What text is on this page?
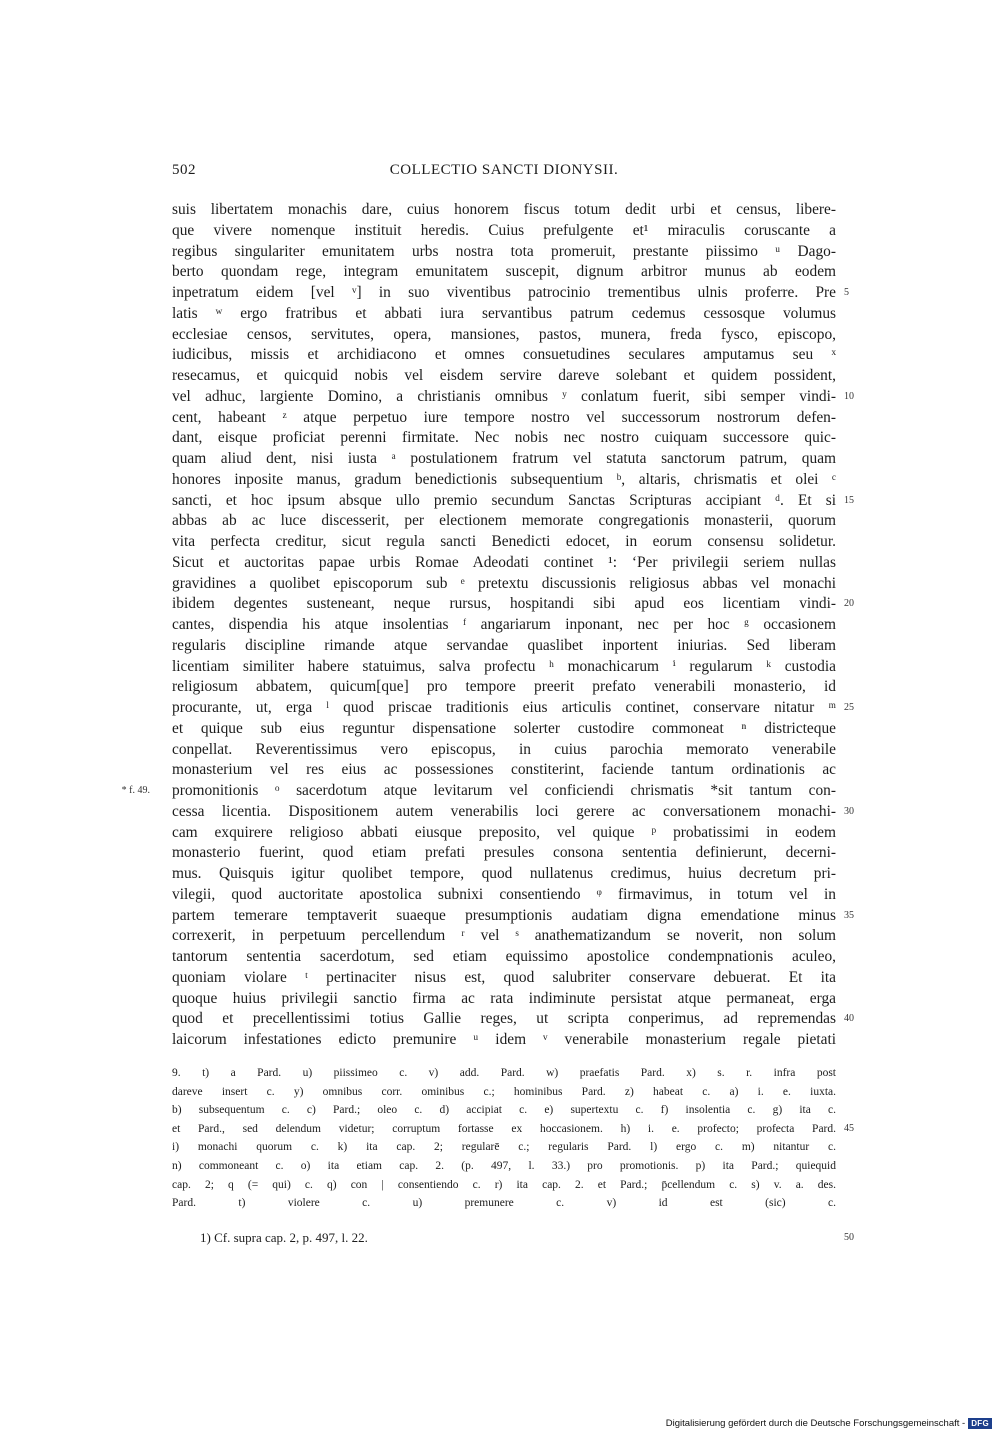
502	COLLECTIO SANCTI DIONYSII.
suis libertatem monachis dare, cuius honorem fiscus totum dedit urbi et census, libere-
que vivere nomenque instituit heredis. Cuius prefulgente et¹ miraculis coruscante a
regibus singulariter emunitatem urbs nostra tota promeruit, prestante piissimo ᵘ Dago-
berto quondam rege, integram emunitatem suscepit, dignum arbitror munus ab eodem
inpetratum eidem [vel ᵛ] in suo viventibus patrocinio trementibus ulnis proferre. Pre 5
latis ʷ ergo fratribus et abbati iura servantibus patrum cedemus cessosque volumus
ecclesiae censos, servitutes, opera, mansiones, pastos, munera, freda fysco, episcopo,
iudicibus, missis et archidiacono et omnes consuetudines seculares amputamus seu ˣ
resecamus, et quicquid nobis vel eisdem servire dareve solebant et quidem possident,
vel adhuc, largiente Domino, a christianis omnibus ʸ conlatum fuerit, sibi semper vindi- 10
cent, habeant ᶻ atque perpetuo iure tempore nostro vel successorum nostrorum defen-
dant, eisque proficiat perenni firmitate. Nec nobis nec nostro cuiquam successore quic-
quam aliud dent, nisi iusta ᵃ postulationem fratrum vel statuta sanctorum patrum, quam
honores inposite manus, gradum benedictionis subsequentium ᵇ, altaris, chrismatis et olei ᶜ
sancti, et hoc ipsum absque ullo premio secundum Sanctas Scripturas accipiant ᵈ. Et si 15
abbas ab ac luce discesserit, per electionem memorate congregationis monasterii, quorum
vita perfecta creditur, sicut regula sancti Benedicti edocet, in eorum consensu solidetur.
Sicut et auctoritas papae urbis Romae Adeodati continet ¹: ‘Per privilegii seriem nullas
gravidines a quolibet episcoporum sub ᵉ pretextu discussionis religiosus abbas vel monachi
ibidem degentes susteneant, neque rursus, hospitandi sibi apud eos licentiam vindi- 20
cantes, dispendia his atque insolentias ᶠ angariarum inponant, nec per hoc ᵍ occasionem
regularis discipline rimande atque servandae quaslibet inportent iniurias. Sed liberam
licentiam similiter habere statuimus, salva profectu ʰ monachicarum ⁱ regularum ᵏ custodia
religiosum abbatem, quicum[que] pro tempore preerit prefato venerabili monasterio, id
procurante, ut, erga ˡ quod priscae traditionis eius articulis continet, conservare nitatur ᵐ 25
et quique sub eius reguntur dispensatione solerter custodire commoneat ⁿ districteque
conpellat. Reverentissimus vero episcopus, in cuius parochia memorato venerabile
monasterium vel res eius ac possessiones constiterint, faciende tantum ordinationis ac
promonitionis ᵒ sacerdotum atque levitarum vel conficiendi chrismatis *sit tantum con-
* f. 49.
cessa licentia. Dispositionem autem venerabilis loci gerere ac conversationem monachi- 30
cam exquirere religioso abbati eiusque preposito, vel quique ᵖ probatissimi in eodem
monasterio fuerint, quod etiam prefati presules consona sententia definierunt, decerni-
mus. Quisquis igitur quolibet tempore, quod nullatenus credimus, huius decretum pri-
vilegii, quod auctoritate apostolica subnixi consentiendo ᵠ firmavimus, in totum vel in
partem temerare temptaverit suaeque presumptionis audatiam digna emendatione minus 35
correxerit, in perpetuum percellendum ʳ vel ˢ anathematizandum se noverit, non solum
tantorum sententia sacerdotum, sed etiam equissimo apostolice condempnationis aculeo,
quoniam violare ᵗ pertinaciter nisus est, quod salubriter conservare debuerat. Et ita
quoque huius privilegii sanctio firma ac rata indiminute persistat atque permaneat, erga
quod et precellentissimi totius Gallie reges, ut scripta conperimus, ad repremendas 40
laicorum infestationes edicto premunire ᵘ idem ᵛ venerabile monasterium regale pietati
9. t) a Pard. u) piissimeo c. v) add. Pard. w) praefatis Pard. x) s. r. infra post
dareve insert c. y) omnibus corr. ominibus c.; hominibus Pard. z) habeat c. a) i. e. iuxta.
b) subsequentum c. c) Pard.; oleo c. d) accipiat c. e) supertextu c. f) insolentia c. g) ita c.
et Pard., sed delendum videtur; corruptum fortasse ex hoccasionem. h) i. e. profecto; profecta Pard. 45
i) monachi quorum c. k) ita cap. 2; regularē c.; regularis Pard. l) ergo c. m) nitantur c.
n) commoneant c. o) ita etiam cap. 2. (p. 497, l. 33.) pro promotionis. p) ita Pard.; quiequid
cap. 2; q (= qui) c. q) con | consentiendo c. r) ita cap. 2. et Pard.; p̄cellendum c. s) v. a. des.
Pard. t) violere c. u) premunere c. v) id est (sic) c.
1) Cf. supra cap. 2, p. 497, l. 22.	50
Digitalisierung gefördert durch die Deutsche Forschungsgemeinschaft - DFG
